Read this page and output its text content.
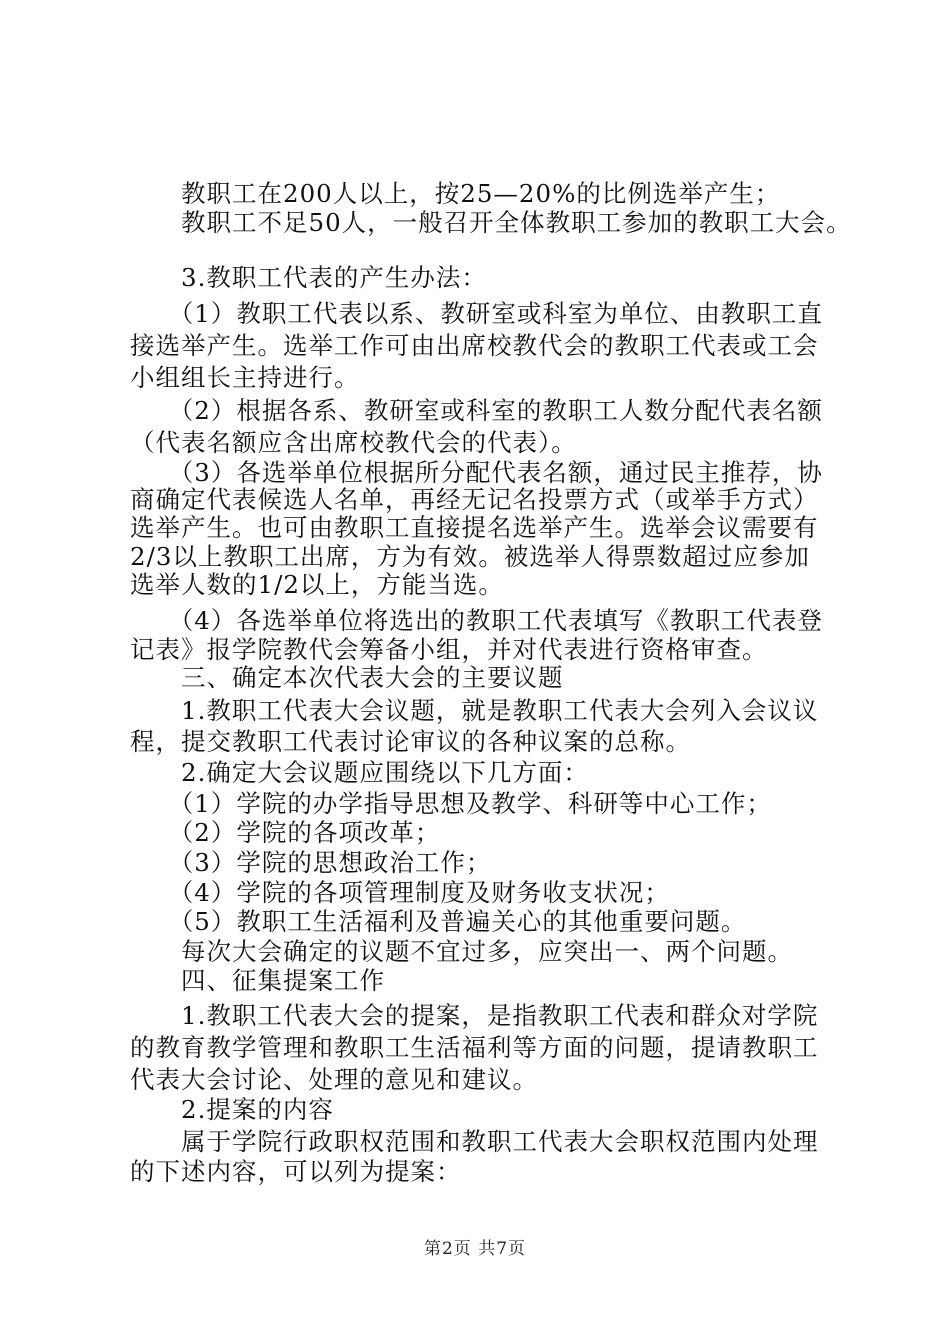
　　教职工在200人以上，按25—20%的比例选举产生；
　　教职工不足50人，一般召开全体教职工参加的教职工大会。
　　3.教职工代表的产生办法：
　　（1）教职工代表以系、教研室或科室为单位、由教职工直
接选举产生。选举工作可由出席校教代会的教职工代表或工会
小组组长主持进行。
　　（2）根据各系、教研室或科室的教职工人数分配代表名额
（代表名额应含出席校教代会的代表）。
　　（3）各选举单位根据所分配代表名额，通过民主推荐，协
商确定代表候选人名单，再经无记名投票方式（或举手方式）
选举产生。也可由教职工直接提名选举产生。选举会议需要有
2/3以上教职工出席，方为有效。被选举人得票数超过应参加
选举人数的1/2以上，方能当选。
　　（4）各选举单位将选出的教职工代表填写《教职工代表登
记表》报学院教代会筹备小组，并对代表进行资格审查。
　　三、确定本次代表大会的主要议题
　　1.教职工代表大会议题，就是教职工代表大会列入会议议
程，提交教职工代表讨论审议的各种议案的总称。
　　2.确定大会议题应围绕以下几方面：
　　（1）学院的办学指导思想及教学、科研等中心工作；
　　（2）学院的各项改革；
　　（3）学院的思想政治工作；
　　（4）学院的各项管理制度及财务收支状况；
　　（5）教职工生活福利及普遍关心的其他重要问题。
　　每次大会确定的议题不宜过多，应突出一、两个问题。
　　四、征集提案工作
　　1.教职工代表大会的提案，是指教职工代表和群众对学院
的教育教学管理和教职工生活福利等方面的问题，提请教职工
代表大会讨论、处理的意见和建议。
　　2.提案的内容
　　属于学院行政职权范围和教职工代表大会职权范围内处理
的下述内容，可以列为提案：
第2页 共7页
